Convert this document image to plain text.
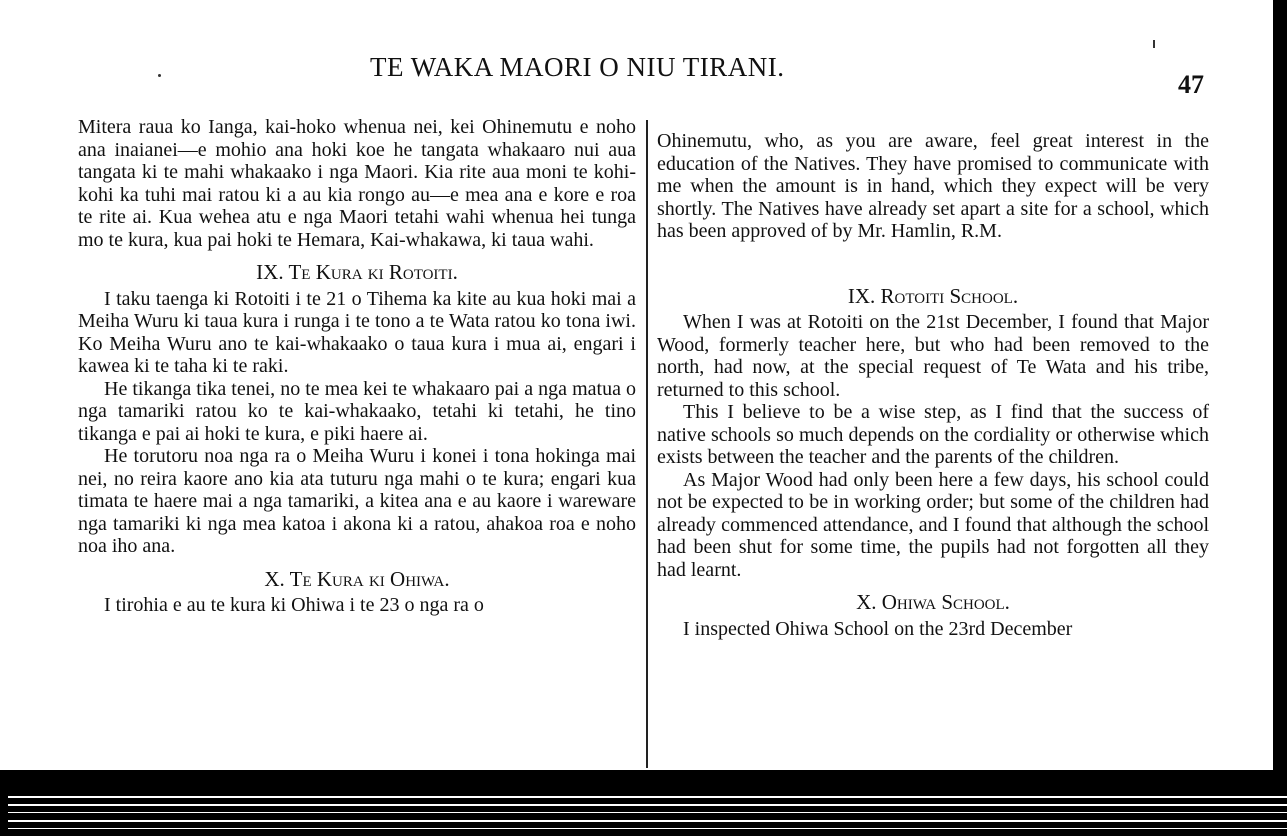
TE WAKA MAORI O NIU TIRANI.
47

Mitera raua ko Ianga, kai-hoko whenua nei, kei Ohinemutu e noho ana inaianei—e mohio ana hoki koe he tangata whakaaro nui aua tangata ki te mahi whakaako i nga Maori. Kia rite aua moni te kohi-kohi ka tuhi mai ratou ki a au kia rongo au—e mea ana e kore e roa te rite ai. Kua wehea atu e nga Maori tetahi wahi whenua hei tunga mo te kura, kua pai hoki te Hemara, Kai-whakawa, ki taua wahi.

IX. Te Kura ki Rotoiti.

I taku taenga ki Rotoiti i te 21 o Tihema ka kite au kua hoki mai a Meiha Wuru ki taua kura i runga i te tono a te Wata ratou ko tona iwi. Ko Meiha Wuru ano te kai-whakaako o taua kura i mua ai, engari i kawea ki te taha ki te raki.

He tikanga tika tenei, no te mea kei te whakaaro pai a nga matua o nga tamariki ratou ko te kai-whakaako, tetahi ki tetahi, he tino tikanga e pai ai hoki te kura, e piki haere ai.

He torutoru noa nga ra o Meiha Wuru i konei i tona hokinga mai nei, no reira kaore ano kia ata tuturu nga mahi o te kura; engari kua timata te haere mai a nga tamariki, a kitea ana e au kaore i wareware nga tamariki ki nga mea katoa i akona ki a ratou, ahakoa roa e noho noa iho ana.

X. Te Kura ki Ohiwa.

I tirohia e au te kura ki Ohiwa i te 23 o nga ra o

Ohinemutu, who, as you are aware, feel great interest in the education of the Natives. They have promised to communicate with me when the amount is in hand, which they expect will be very shortly. The Natives have already set apart a site for a school, which has been approved of by Mr. Hamlin, R.M.

IX. Rotoiti School.

When I was at Rotoiti on the 21st December, I found that Major Wood, formerly teacher here, but who had been removed to the north, had now, at the special request of Te Wata and his tribe, returned to this school.

This I believe to be a wise step, as I find that the success of native schools so much depends on the cordiality or otherwise which exists between the teacher and the parents of the children.

As Major Wood had only been here a few days, his school could not be expected to be in working order; but some of the children had already commenced attendance, and I found that although the school had been shut for some time, the pupils had not forgotten all they had learnt.

X. Ohiwa School.

I inspected Ohiwa School on the 23rd December
